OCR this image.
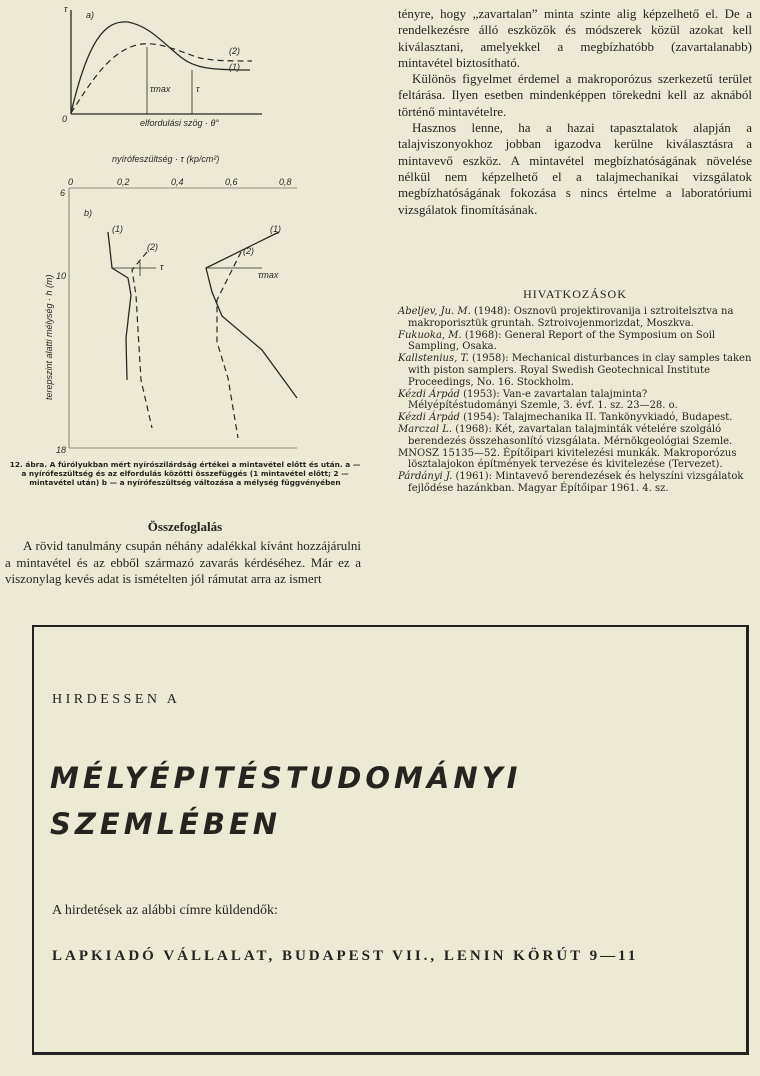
τ
a)
0
(2)
(1)
τmax	τ
elfordulási szög · θ°
nyírófeszültség · τ (kp/cm²)
0	0,2	0,4	0,6	0,8
6
10
18
b)
terepszint alatti mélység · h (m)
(1)
(2)
τ
(1)
(2)
τmax
12. ábra. A fúrólyukban mért nyírószilárdság értékei a mintavétel előtt és után. a — a nyírófeszültség és az elfordulás közötti összefüggés (1 mintavétel előtt; 2 — mintavétel után) b — a nyírófeszültség változása a mélység függvényében
Összefoglalás
A rövid tanulmány csupán néhány adalékkal kívánt hozzájárulni a mintavétel és az ebből származó zavarás kérdéséhez. Már ez a viszonylag kevés adat is ismételten jól rámutat arra az ismert

tényre, hogy „zavartalan” minta szinte alig képzelhető el. De a rendelkezésre álló eszközök és módszerek közül azokat kell kiválasztani, amelyekkel a megbízhatóbb (zavartalanabb) mintavétel biztosítható.

Különös figyelmet érdemel a makroporózus szerkezetű terület feltárása. Ilyen esetben mindenképpen törekedni kell az aknából történő mintavételre.

Hasznos lenne, ha a hazai tapasztalatok alapján a talajviszonyokhoz jobban igazodva kerülne kiválasztásra a mintavevő eszköz. A mintavétel megbízhatóságának növelése nélkül nem képzelhető el a talajmechanikai vizsgálatok megbízhatóságának fokozása s nincs értelme a laboratóriumi vizsgálatok finomításának.

HIVATKOZÁSOK

Abeljev, Ju. M. (1948): Osznovü projektirovanija i sztroitelsztva na makroporisztük gruntah. Sztroivojenmorizdat, Moszkva.

Fukuoka, M. (1968): General Report of the Symposium on Soil Sampling, Osaka.

Kallstenius, T. (1958): Mechanical disturbances in clay samples taken with piston samplers. Royal Swedish Geotechnical Institute Proceedings, No. 16. Stockholm.

Kézdi Árpád (1953): Van-e zavartalan talajminta? Mélyépítéstudományi Szemle, 3. évf. 1. sz. 23—28. o.

Kézdi Árpád (1954): Talajmechanika II. Tankönyvkiadó, Budapest.

Marczal L. (1968): Két, zavartalan talajminták vételére szolgáló berendezés összehasonlító vizsgálata. Mérnökgeológiai Szemle.

MNOSZ 15135—52. Építőipari kivitelezési munkák. Makroporózus lösztalajokon építmények tervezése és kivitelezése (Tervezet).

Párdányi J. (1961): Mintavevő berendezések és helyszíni vizsgálatok fejlődése hazánkban. Magyar Építőipar 1961. 4. sz.

HIRDESSEN A
MÉLYÉPITÉSTUDOMÁNYI
SZEMLÉBEN
A hirdetések az alábbi címre küldendők:
LAPKIADÓ VÁLLALAT, BUDAPEST VII., LENIN KÖRÚT 9—11
